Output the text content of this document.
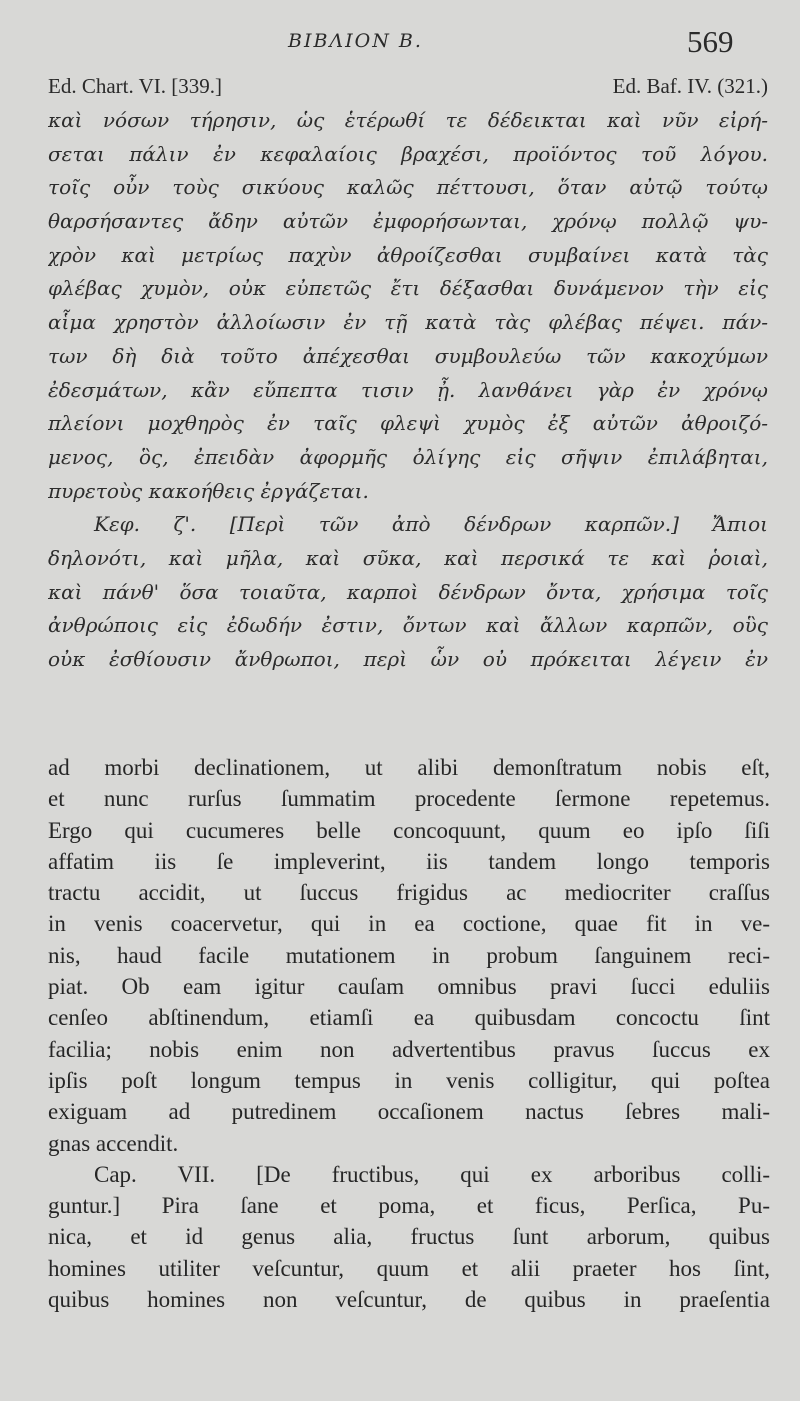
ΒΙΒΛΙΟΝ Β.	569
Ed. Chart. VI. [339.]	Ed. Baf. IV. (321.)
καὶ νόσων τήρησιν, ὡς ἑτέρωθί τε δέδεικται καὶ νῦν εἰρή-
σεται πάλιν ἐν κεφαλαίοις βραχέσι, προϊόντος τοῦ λόγου.
τοῖς οὖν τοὺς σικύους καλῶς πέττουσι, ὅταν αὐτῷ τούτῳ
θαρσήσαντες ἄδην αὐτῶν ἐμφορήσωνται, χρόνῳ πολλῷ ψυ-
χρὸν καὶ μετρίως παχὺν ἀθροίζεσθαι συμβαίνει κατὰ τὰς
φλέβας χυμὸν, οὐκ εὐπετῶς ἔτι δέξασθαι δυνάμενον τὴν εἰς
αἷμα χρηστὸν ἀλλοίωσιν ἐν τῇ κατὰ τὰς φλέβας πέψει. πάν-
των δὴ διὰ τοῦτο ἀπέχεσθαι συμβουλεύω τῶν κακοχύμων
ἐδεσμάτων, κἂν εὔπεπτα τισιν ᾖ. λανθάνει γὰρ ἐν χρόνῳ
πλείονι μοχθηρὸς ἐν ταῖς φλεψὶ χυμὸς ἐξ αὐτῶν ἀθροιζό-
μενος, ὃς, ἐπειδὰν ἀφορμῆς ὀλίγης εἰς σῆψιν ἐπιλάβηται,
πυρετοὺς κακοήθεις ἐργάζεται.
Κεφ. ζ'. [Περὶ τῶν ἀπὸ δένδρων καρπῶν.] Ἄπιοι
δηλονότι, καὶ μῆλα, καὶ σῦκα, καὶ περσικά τε καὶ ῥοιαὶ,
καὶ πάνθ' ὅσα τοιαῦτα, καρποὶ δένδρων ὄντα, χρήσιμα τοῖς
ἀνθρώποις εἰς ἐδωδήν ἐστιν, ὄντων καὶ ἄλλων καρπῶν, οὓς
οὐκ ἐσθίουσιν ἄνθρωποι, περὶ ὧν οὐ πρόκειται λέγειν ἐν
ad morbi declinationem, ut alibi demonſtratum nobis eſt,
et nunc rurſus ſummatim procedente ſermone repetemus.
Ergo qui cucumeres belle concoquunt, quum eo ipſo ſiſi
affatim iis ſe impleverint, iis tandem longo temporis
tractu accidit, ut ſuccus frigidus ac mediocriter craſſus
in venis coacervetur, qui in ea coctione, quae fit in ve-
nis, haud facile mutationem in probum ſanguinem reci-
piat. Ob eam igitur cauſam omnibus pravi ſucci eduliis
cenſeo abſtinendum, etiamſi ea quibusdam concoctu ſint
facilia; nobis enim non advertentibus pravus ſuccus ex
ipſis poſt longum tempus in venis colligitur, qui poſtea
exiguam ad putredinem occaſionem nactus ſebres mali-
gnas accendit.
Cap. VII. [De fructibus, qui ex arboribus colli-
guntur.] Pira ſane et poma, et ficus, Perſica, Pu-
nica, et id genus alia, fructus ſunt arborum, quibus
homines utiliter veſcuntur, quum et alii praeter hos ſint,
quibus homines non veſcuntur, de quibus in praeſentia
